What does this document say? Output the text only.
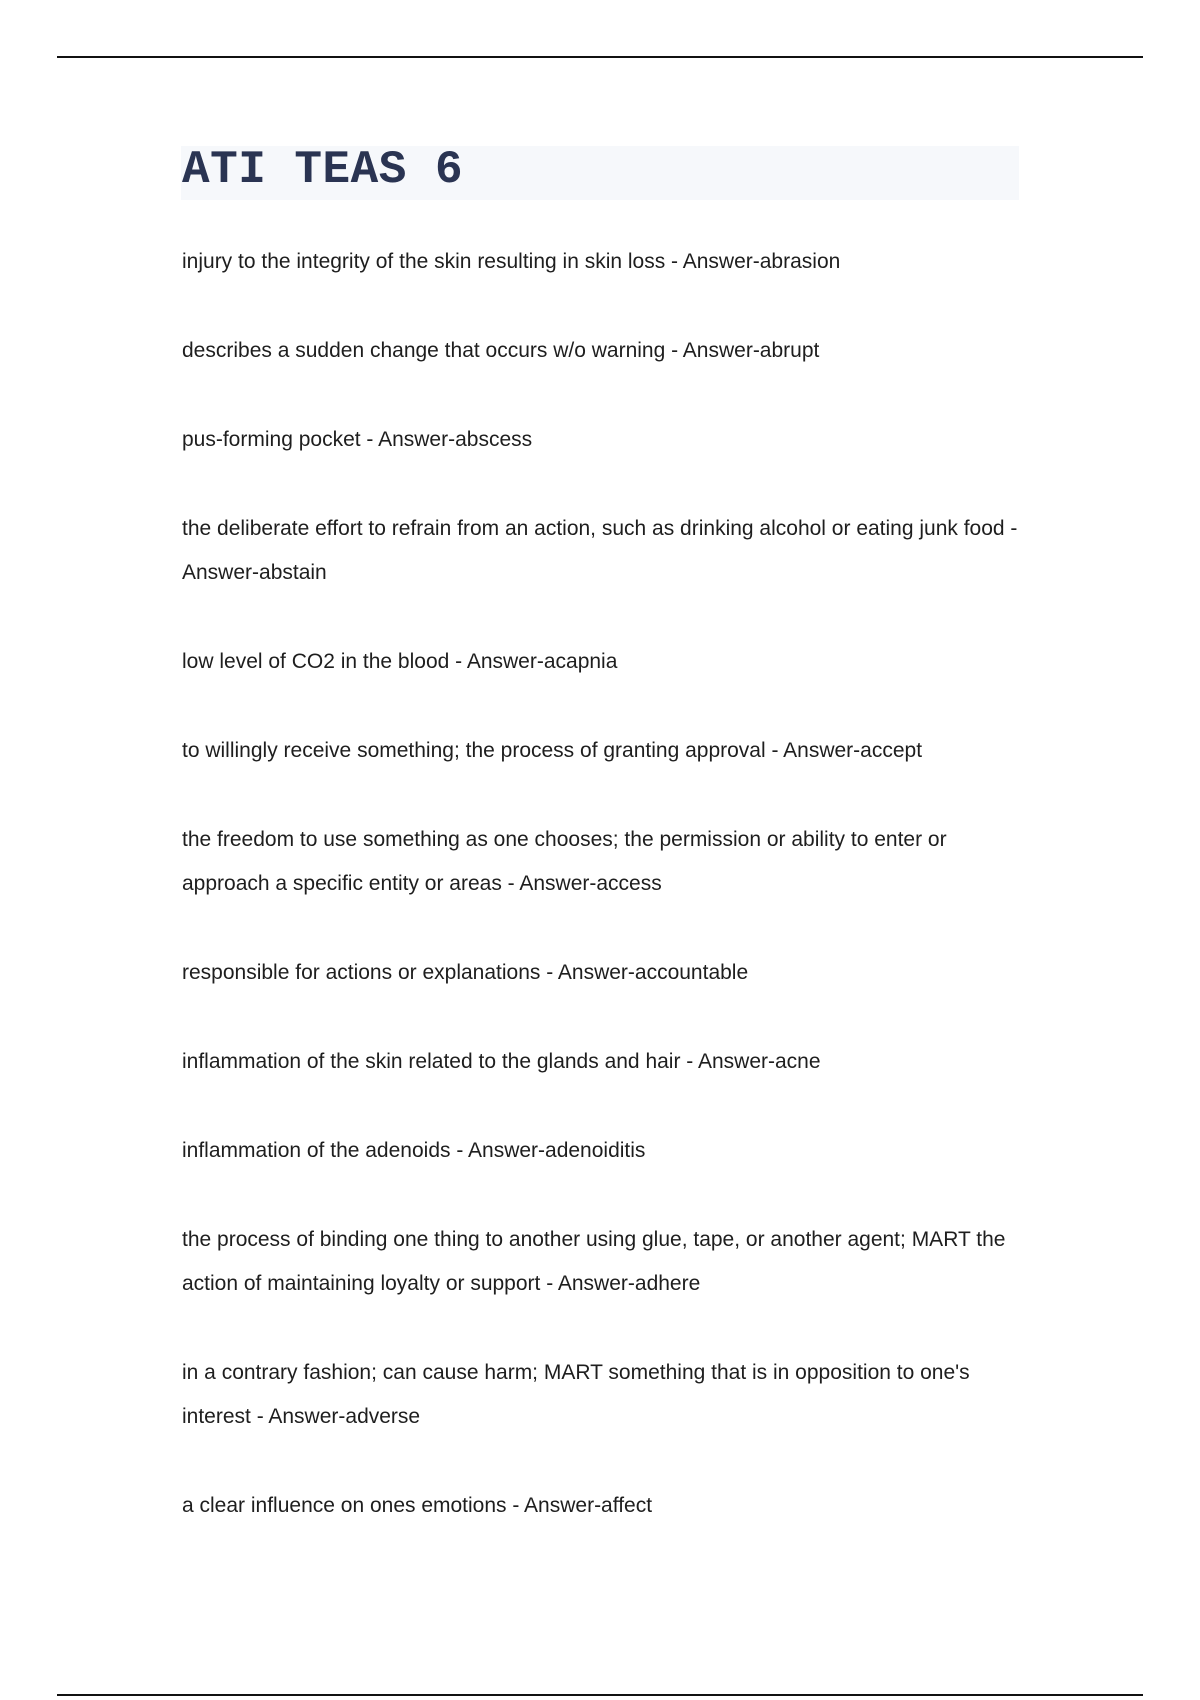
ATI TEAS 6
injury to the integrity of the skin resulting in skin loss - Answer-abrasion
describes a sudden change that occurs w/o warning - Answer-abrupt
pus-forming pocket - Answer-abscess
the deliberate effort to refrain from an action, such as drinking alcohol or eating junk food - Answer-abstain
low level of CO2 in the blood - Answer-acapnia
to willingly receive something; the process of granting approval - Answer-accept
the freedom to use something as one chooses; the permission or ability to enter or approach a specific entity or areas - Answer-access
responsible for actions or explanations - Answer-accountable
inflammation of the skin related to the glands and hair - Answer-acne
inflammation of the adenoids - Answer-adenoiditis
the process of binding one thing to another using glue, tape, or another agent; MART the action of maintaining loyalty or support - Answer-adhere
in a contrary fashion; can cause harm; MART something that is in opposition to one's interest - Answer-adverse
a clear influence on ones emotions - Answer-affect
